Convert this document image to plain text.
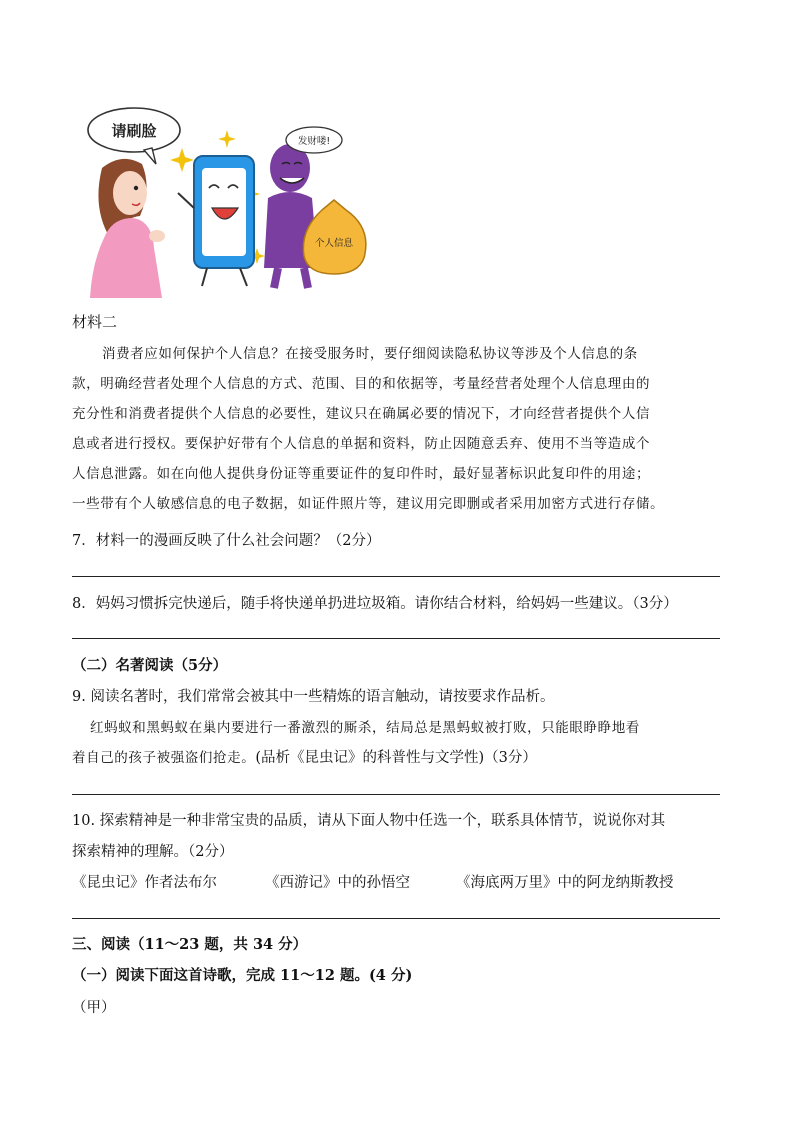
请刷脸
发财喽!
个人信息
材料二
消费者应如何保护个人信息？在接受服务时，要仔细阅读隐私协议等涉及个人信息的条
款，明确经营者处理个人信息的方式、范围、目的和依据等，考量经营者处理个人信息理由的
充分性和消费者提供个人信息的必要性，建议只在确属必要的情况下，才向经营者提供个人信
息或者进行授权。要保护好带有个人信息的单据和资料，防止因随意丢弃、使用不当等造成个
人信息泄露。如在向他人提供身份证等重要证件的复印件时，最好显著标识此复印件的用途；
一些带有个人敏感信息的电子数据，如证件照片等，建议用完即删或者采用加密方式进行存储。
7．材料一的漫画反映了什么社会问题？（2分）
8．妈妈习惯拆完快递后，随手将快递单扔进垃圾箱。请你结合材料，给妈妈一些建议。（3分）
（二）名著阅读（5分）
9. 阅读名著时，我们常常会被其中一些精炼的语言触动，请按要求作品析。
红蚂蚁和黑蚂蚁在巢内要进行一番激烈的厮杀，结局总是黑蚂蚁被打败，只能眼睁睁地看
着自己的孩子被强盗们抢走。(品析《昆虫记》的科普性与文学性)（3分）
10. 探索精神是一种非常宝贵的品质，请从下面人物中任选一个，联系具体情节，说说你对其
探索精神的理解。（2分）
《昆虫记》作者法布尔	《西游记》中的孙悟空	《海底两万里》中的阿龙纳斯教授
三、阅读（11～23 题，共 34 分）
（一）阅读下面这首诗歌，完成 11～12 题。(4 分)
（甲）
